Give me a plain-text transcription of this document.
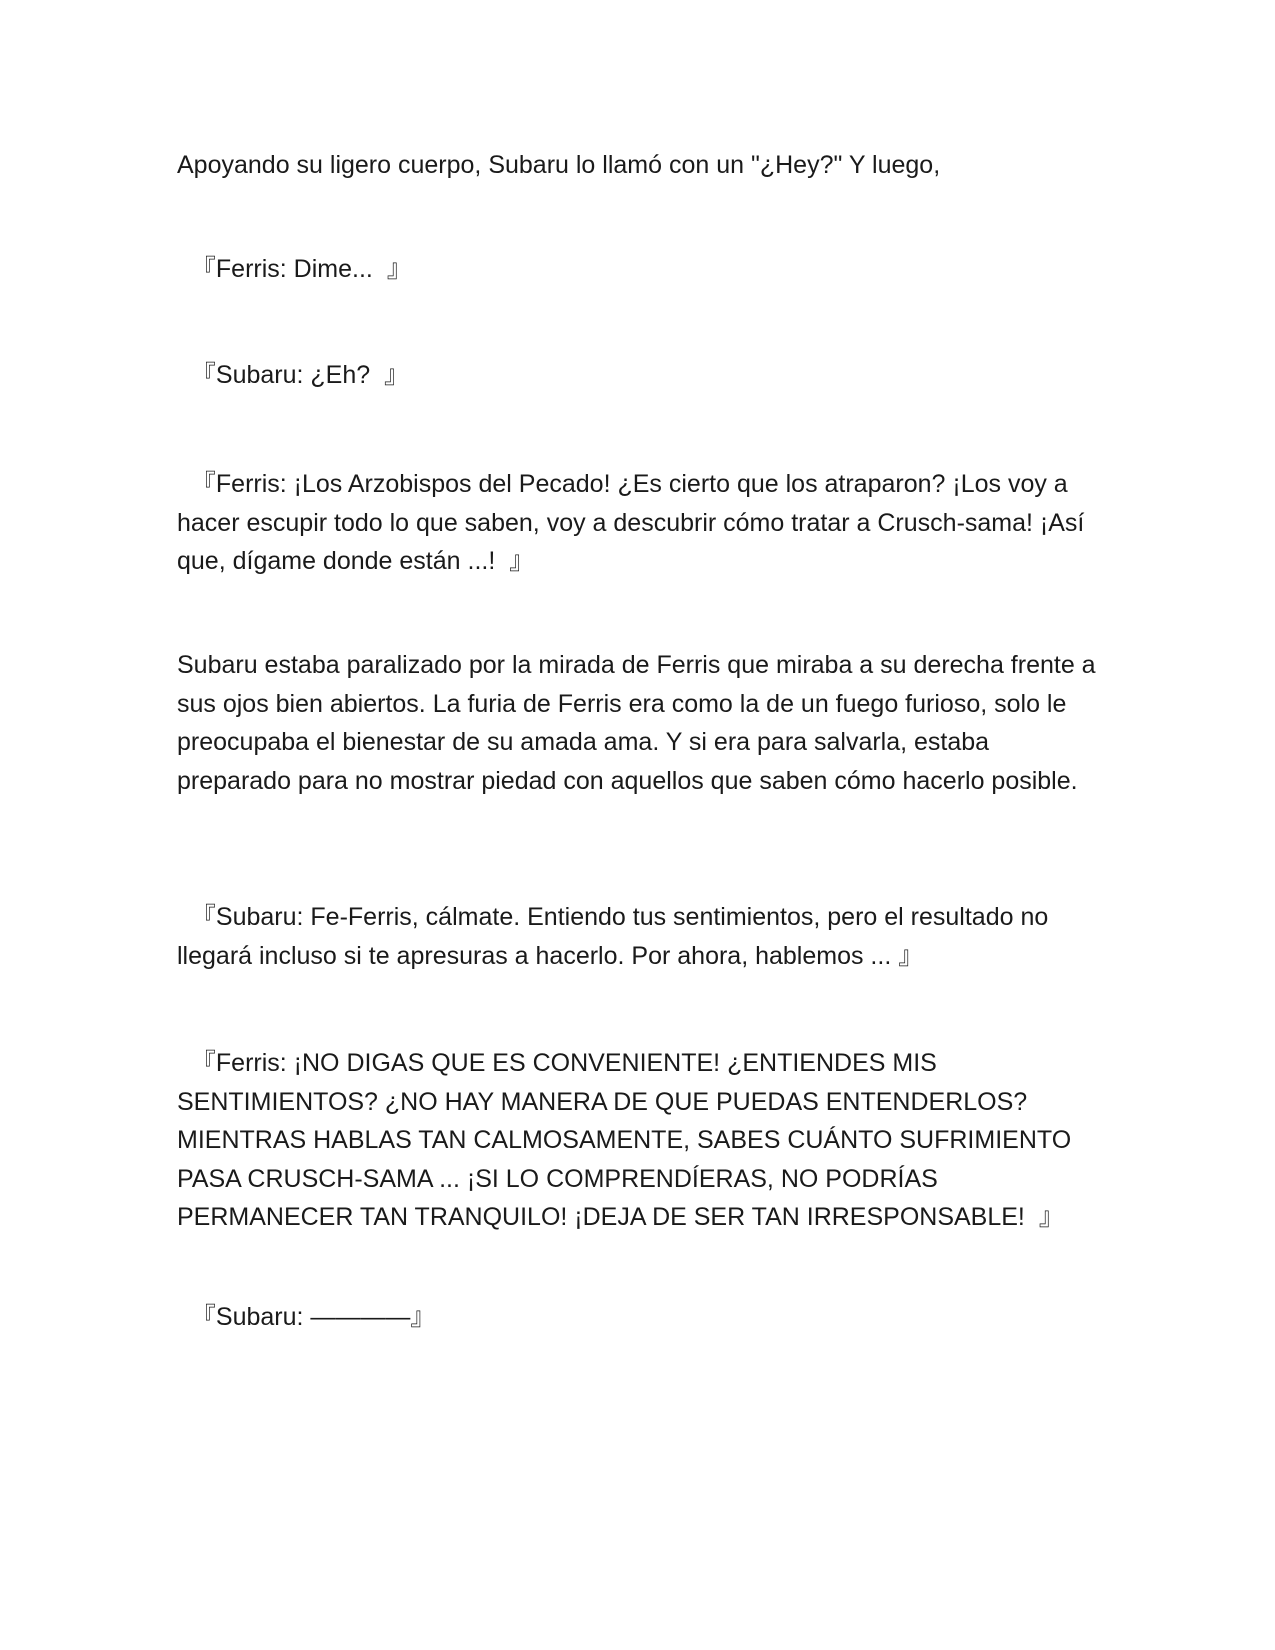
Apoyando su ligero cuerpo, Subaru lo llamó con un "¿Hey?" Y luego,

『Ferris: Dime...  』

『Subaru: ¿Eh?  』

『Ferris: ¡Los Arzobispos del Pecado! ¿Es cierto que los atraparon? ¡Los voy a hacer escupir todo lo que saben, voy a descubrir cómo tratar a Crusch-sama! ¡Así que, dígame donde están ...!  』

Subaru estaba paralizado por la mirada de Ferris que miraba a su derecha frente a sus ojos bien abiertos. La furia de Ferris era como la de un fuego furioso, solo le preocupaba el bienestar de su amada ama. Y si era para salvarla, estaba preparado para no mostrar piedad con aquellos que saben cómo hacerlo posible.

『Subaru: Fe-Ferris, cálmate. Entiendo tus sentimientos, pero el resultado no llegará incluso si te apresuras a hacerlo. Por ahora, hablemos ... 』

『Ferris: ¡NO DIGAS QUE ES CONVENIENTE! ¿ENTIENDES MIS SENTIMIENTOS? ¿NO HAY MANERA DE QUE PUEDAS ENTENDERLOS? MIENTRAS HABLAS TAN CALMOSAMENTE, SABES CUÁNTO SUFRIMIENTO PASA CRUSCH-SAMA ... ¡SI LO COMPRENDÍERAS, NO PODRÍAS PERMANECER TAN TRANQUILO! ¡DEJA DE SER TAN IRRESPONSABLE!  』

『Subaru: ————』
